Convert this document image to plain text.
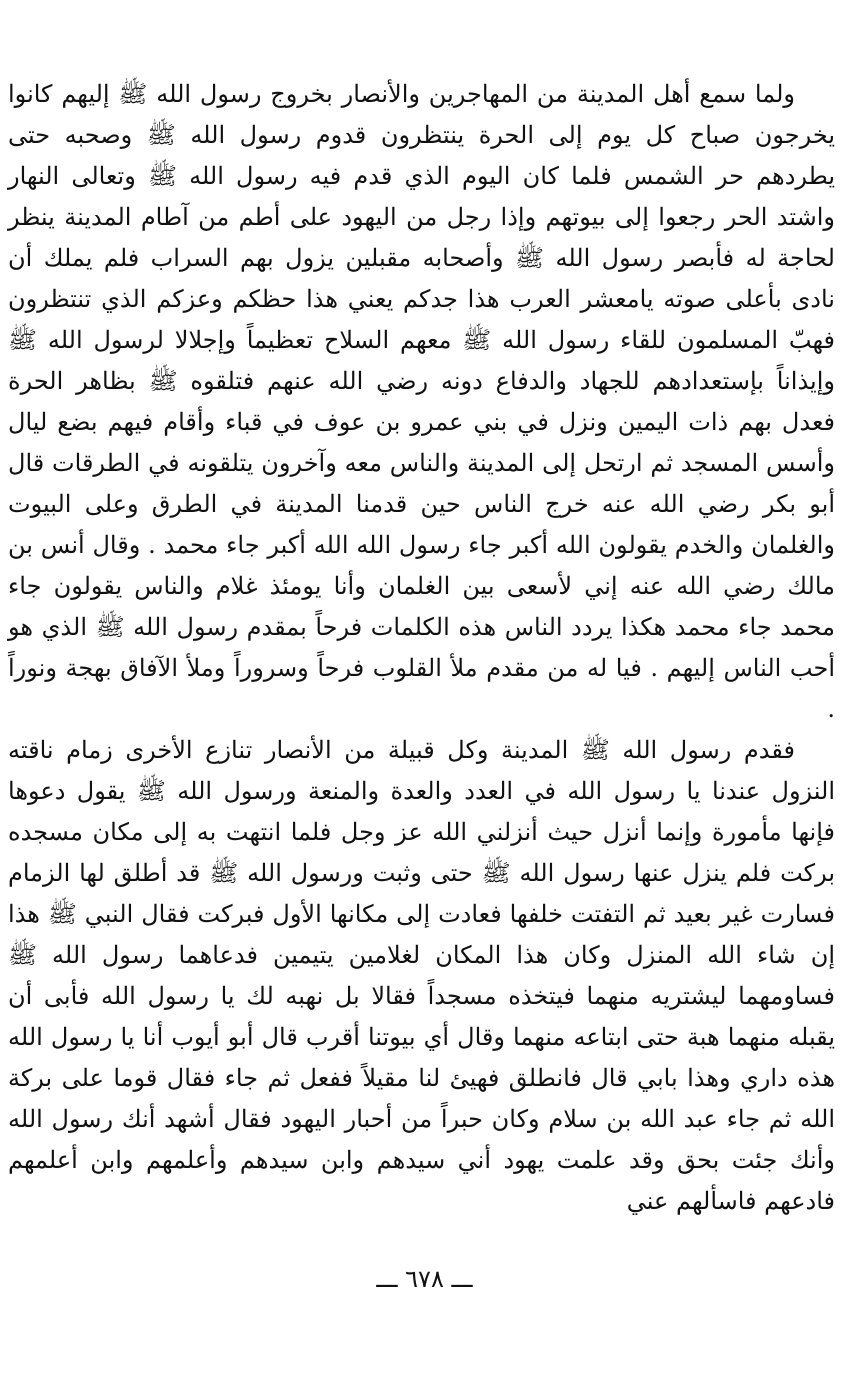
ولما سمع أهل المدينة من المهاجرين والأنصار بخروج رسول الله ﷺ إليهم كانوا يخرجون صباح كل يوم إلى الحرة ينتظرون قدوم رسول الله ﷺ وصحبه حتى يطردهم حر الشمس فلما كان اليوم الذي قدم فيه رسول الله ﷺ وتعالى النهار واشتد الحر رجعوا إلى بيوتهم وإذا رجل من اليهود على أطم من آطام المدينة ينظر لحاجة له فأبصر رسول الله ﷺ وأصحابه مقبلين يزول بهم السراب فلم يملك أن نادى بأعلى صوته يامعشر العرب هذا جدكم يعني هذا حظكم وعزكم الذي تنتظرون فهبّ المسلمون للقاء رسول الله ﷺ معهم السلاح تعظيماً وإجلالا لرسول الله ﷺ وإيذاناً بإستعدادهم للجهاد والدفاع دونه رضي الله عنهم فتلقوه ﷺ بظاهر الحرة فعدل بهم ذات اليمين ونزل في بني عمرو بن عوف في قباء وأقام فيهم بضع ليال وأسس المسجد ثم ارتحل إلى المدينة والناس معه وآخرون يتلقونه في الطرقات قال أبو بكر رضي الله عنه خرج الناس حين قدمنا المدينة في الطرق وعلى البيوت والغلمان والخدم يقولون الله أكبر جاء رسول الله الله أكبر جاء محمد . وقال أنس بن مالك رضي الله عنه إني لأسعى بين الغلمان وأنا يومئذ غلام والناس يقولون جاء محمد جاء محمد هكذا يردد الناس هذه الكلمات فرحاً بمقدم رسول الله ﷺ الذي هو أحب الناس إليهم . فيا له من مقدم ملأ القلوب فرحاً وسروراً وملأ الآفاق بهجة ونوراً .

فقدم رسول الله ﷺ المدينة وكل قبيلة من الأنصار تنازع الأخرى زمام ناقته النزول عندنا يا رسول الله في العدد والعدة والمنعة ورسول الله ﷺ يقول دعوها فإنها مأمورة وإنما أنزل حيث أنزلني الله عز وجل فلما انتهت به إلى مكان مسجده بركت فلم ينزل عنها رسول الله ﷺ حتى وثبت ورسول الله ﷺ قد أطلق لها الزمام فسارت غير بعيد ثم التفتت خلفها فعادت إلى مكانها الأول فبركت فقال النبي ﷺ هذا إن شاء الله المنزل وكان هذا المكان لغلامين يتيمين فدعاهما رسول الله ﷺ فساومهما ليشتريه منهما فيتخذه مسجداً فقالا بل نهبه لك يا رسول الله فأبى أن يقبله منهما هبة حتى ابتاعه منهما وقال أي بيوتنا أقرب قال أبو أيوب أنا يا رسول الله هذه داري وهذا بابي قال فانطلق فهيئ لنا مقيلاً ففعل ثم جاء فقال قوما على بركة الله ثم جاء عبد الله بن سلام وكان حبراً من أحبار اليهود فقال أشهد أنك رسول الله وأنك جئت بحق وقد علمت يهود أني سيدهم وابن سيدهم وأعلمهم وابن أعلمهم فادعهم فاسألهم عني

ـــ ٦٧٨ ـــ
